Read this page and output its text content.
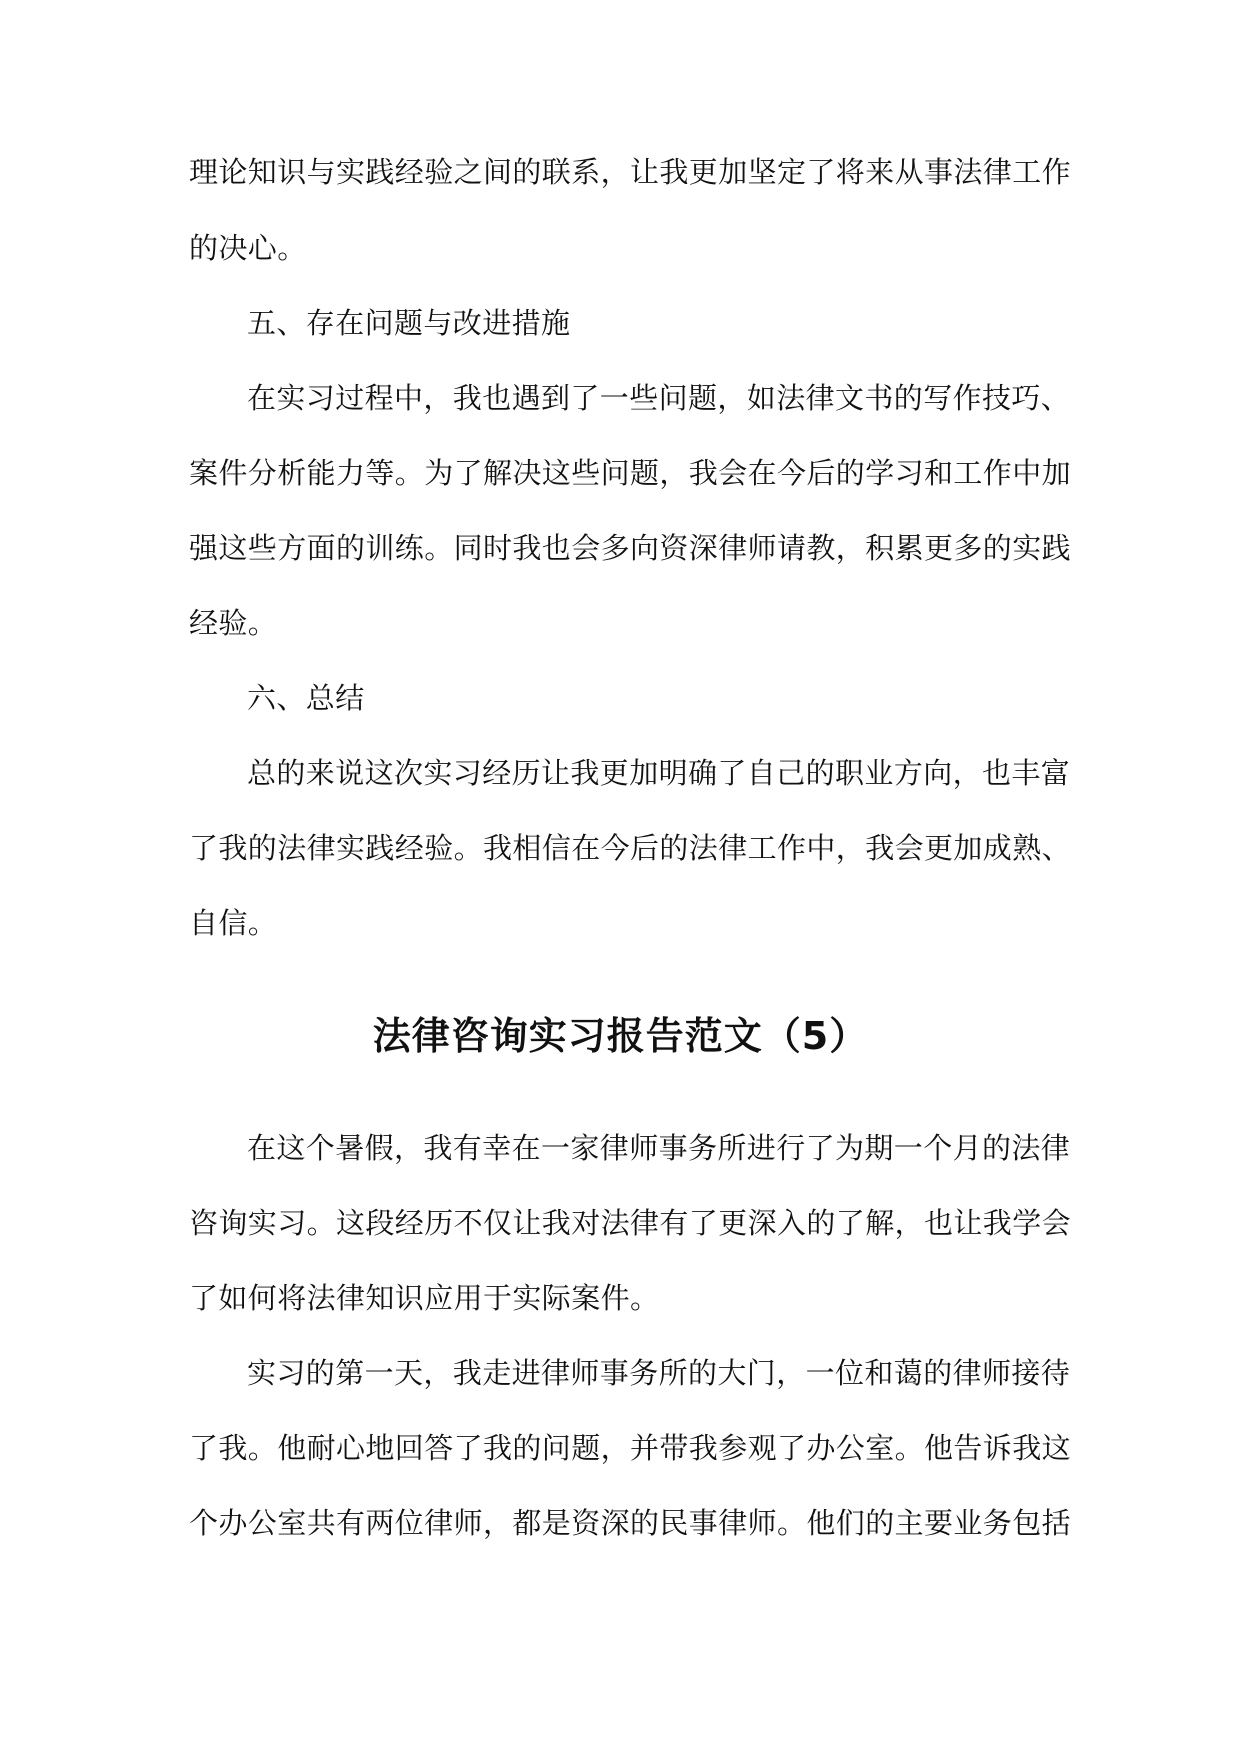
理论知识与实践经验之间的联系，让我更加坚定了将来从事法律工作
的决心。
五、存在问题与改进措施
在实习过程中，我也遇到了一些问题，如法律文书的写作技巧、
案件分析能力等。为了解决这些问题，我会在今后的学习和工作中加
强这些方面的训练。同时我也会多向资深律师请教，积累更多的实践
经验。
六、总结
总的来说这次实习经历让我更加明确了自己的职业方向，也丰富
了我的法律实践经验。我相信在今后的法律工作中，我会更加成熟、
自信。
法律咨询实习报告范文（5）
在这个暑假，我有幸在一家律师事务所进行了为期一个月的法律
咨询实习。这段经历不仅让我对法律有了更深入的了解，也让我学会
了如何将法律知识应用于实际案件。
实习的第一天，我走进律师事务所的大门，一位和蔼的律师接待
了我。他耐心地回答了我的问题，并带我参观了办公室。他告诉我这
个办公室共有两位律师，都是资深的民事律师。他们的主要业务包括
